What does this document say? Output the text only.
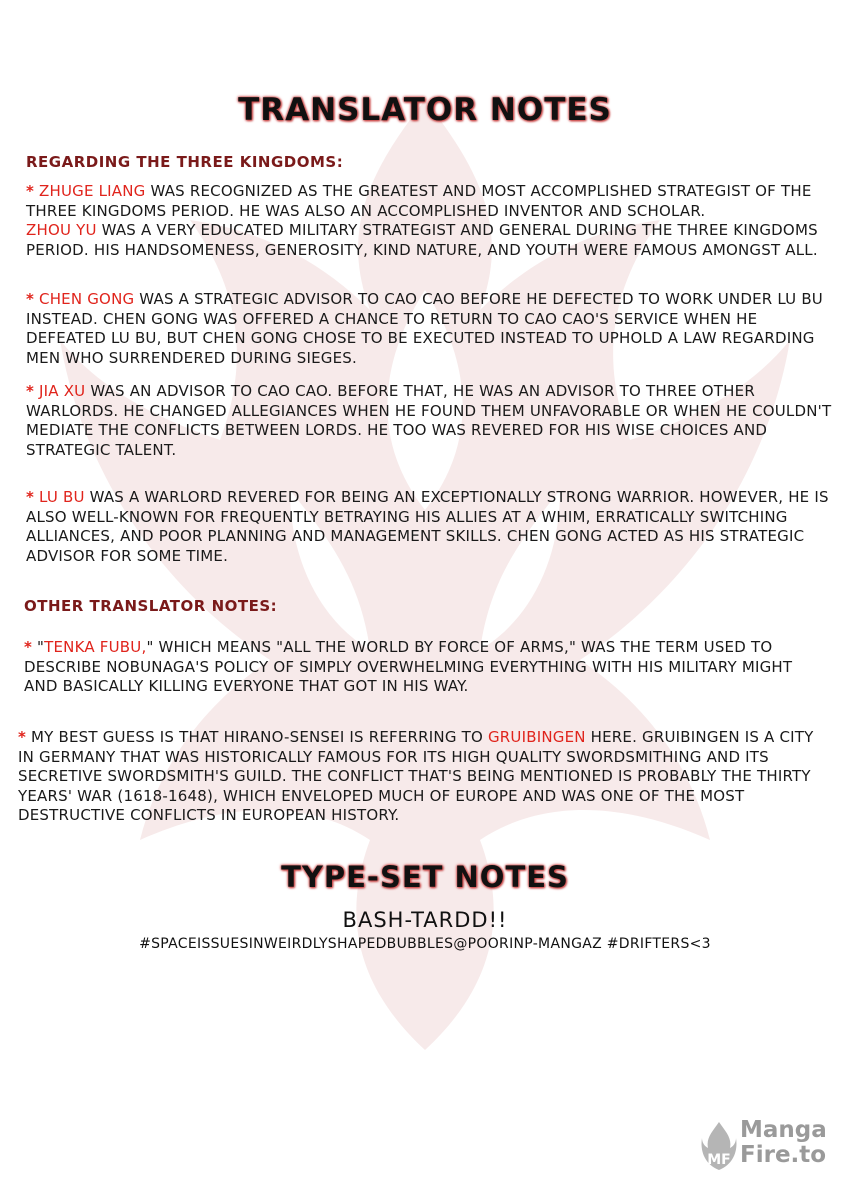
TRANSLATOR NOTES
REGARDING THE THREE KINGDOMS:
* ZHUGE LIANG WAS RECOGNIZED AS THE GREATEST AND MOST ACCOMPLISHED STRATEGIST OF THE THREE KINGDOMS PERIOD. HE WAS ALSO AN ACCOMPLISHED INVENTOR AND SCHOLAR.
ZHOU YU WAS A VERY EDUCATED MILITARY STRATEGIST AND GENERAL DURING THE THREE KINGDOMS PERIOD. HIS HANDSOMENESS, GENEROSITY, KIND NATURE, AND YOUTH WERE FAMOUS AMONGST ALL.
* CHEN GONG WAS A STRATEGIC ADVISOR TO CAO CAO BEFORE HE DEFECTED TO WORK UNDER LU BU INSTEAD. CHEN GONG WAS OFFERED A CHANCE TO RETURN TO CAO CAO'S SERVICE WHEN HE DEFEATED LU BU, BUT CHEN GONG CHOSE TO BE EXECUTED INSTEAD TO UPHOLD A LAW REGARDING MEN WHO SURRENDERED DURING SIEGES.
* JIA XU WAS AN ADVISOR TO CAO CAO. BEFORE THAT, HE WAS AN ADVISOR TO THREE OTHER WARLORDS. HE CHANGED ALLEGIANCES WHEN HE FOUND THEM UNFAVORABLE OR WHEN HE COULDN'T MEDIATE THE CONFLICTS BETWEEN LORDS. HE TOO WAS REVERED FOR HIS WISE CHOICES AND STRATEGIC TALENT.
* LU BU WAS A WARLORD REVERED FOR BEING AN EXCEPTIONALLY STRONG WARRIOR. HOWEVER, HE IS ALSO WELL-KNOWN FOR FREQUENTLY BETRAYING HIS ALLIES AT A WHIM, ERRATICALLY SWITCHING ALLIANCES, AND POOR PLANNING AND MANAGEMENT SKILLS. CHEN GONG ACTED AS HIS STRATEGIC ADVISOR FOR SOME TIME.
OTHER TRANSLATOR NOTES:
* "TENKA FUBU," WHICH MEANS "ALL THE WORLD BY FORCE OF ARMS," WAS THE TERM USED TO DESCRIBE NOBUNAGA'S POLICY OF SIMPLY OVERWHELMING EVERYTHING WITH HIS MILITARY MIGHT AND BASICALLY KILLING EVERYONE THAT GOT IN HIS WAY.
* MY BEST GUESS IS THAT HIRANO-SENSEI IS REFERRING TO GRUIBINGEN HERE. GRUIBINGEN IS A CITY IN GERMANY THAT WAS HISTORICALLY FAMOUS FOR ITS HIGH QUALITY SWORDSMITHING AND ITS SECRETIVE SWORDSMITH'S GUILD. THE CONFLICT THAT'S BEING MENTIONED IS PROBABLY THE THIRTY YEARS' WAR (1618-1648), WHICH ENVELOPED MUCH OF EUROPE AND WAS ONE OF THE MOST DESTRUCTIVE CONFLICTS IN EUROPEAN HISTORY.
TYPE-SET NOTES
BASH-TARDD!!
#SPACEISSUESINWEIRDLYSHAPEDBUBBLES@POORINP-MANGAZ #DRIFTERS<3
MF
Manga
Fire.to
